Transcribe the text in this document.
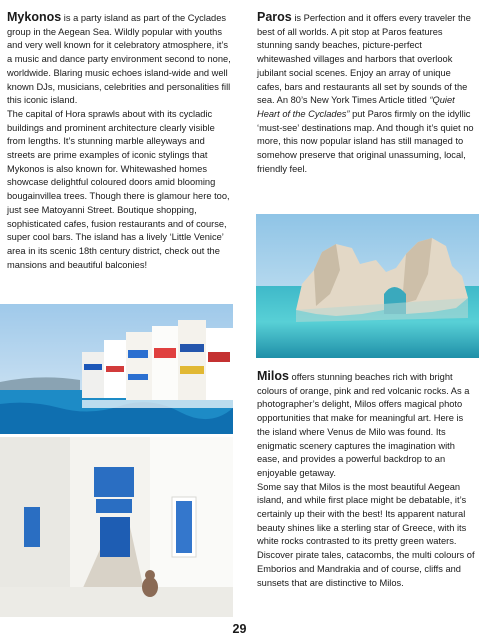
Mykonos is a party island as part of the Cyclades group in the Aegean Sea. Wildly popular with youths and very well known for it celebratory atmosphere, it’s a music and dance party environment second to none, worldwide. Blaring music echoes island-wide and well known DJs, musicians, celebrities and personalities fill this iconic island.

The capital of Hora sprawls about with its cycladic buildings and prominent architecture clearly visible from lengths. It’s stunning marble alleyways and streets are prime examples of iconic stylings that Mykonos is also known for. Whitewashed homes showcase delightful coloured doors amid blooming bougainvillea trees. Though there is glamour here too, just see Matoyanni Street. Boutique shopping, sophisticated cafes, fusion restaurants and of course, super cool bars. The island has a lively ‘Little Venice’ area in its scenic 18th century district, check out the mansions and beautiful balconies!

Paros is Perfection and it offers every traveler the best of all worlds. A pit stop at Paros features stunning sandy beaches, picture-perfect whitewashed villages and harbors that overlook jubilant social scenes. Enjoy an array of unique cafes, bars and restaurants all set by sounds of the sea. An 80’s New York Times Article titled “Quiet Heart of the Cyclades” put Paros firmly on the idyllic ‘must-see’ destinations map. And though it’s quiet no more, this now popular island has still managed to somehow preserve that original unassuming, local, friendly feel.

Milos offers stunning beaches rich with bright colours of orange, pink and red volcanic rocks. As a photographer’s delight, Milos offers magical photo opportunities that make for meaningful art. Here is the island where Venus de Milo was found. Its enigmatic scenery captures the imagination with ease, and provides a powerful backdrop to an enjoyable getaway.

Some say that Milos is the most beautiful Aegean island, and while first place might be debatable, it’s certainly up their with the best! Its apparent natural beauty shines like a sterling star of Greece, with its white rocks contrasted to its pretty green waters. Discover pirate tales, catacombs, the multi colours of Emborios and Mandrakia and of course, cliffs and sunsets that are distinctive to Milos.

29
